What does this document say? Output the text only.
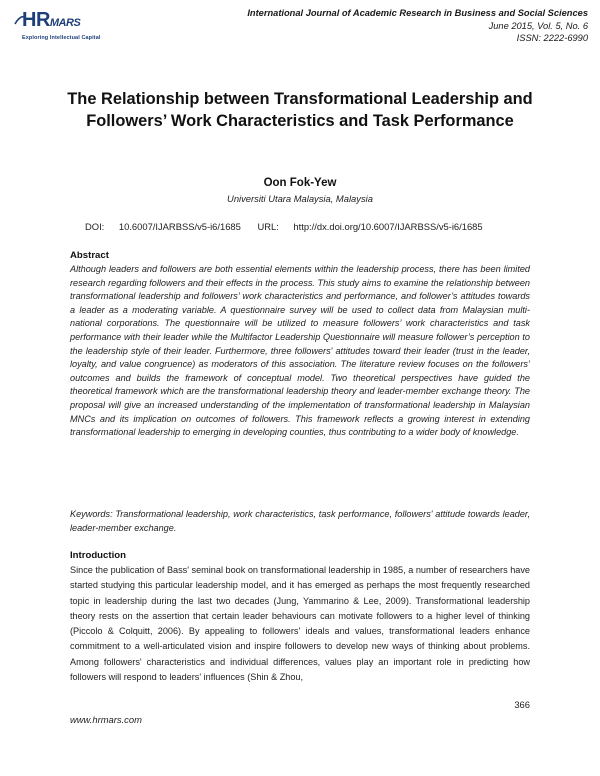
HRMARS
Exploring Intellectual Capital
International Journal of Academic Research in Business and Social Sciences
June 2015, Vol. 5, No. 6
ISSN: 2222-6990
The Relationship between Transformational Leadership and Followers’ Work Characteristics and Task Performance
Oon Fok-Yew
Universiti Utara Malaysia, Malaysia
DOI: 10.6007/IJARBSS/v5-i6/1685 URL: http://dx.doi.org/10.6007/IJARBSS/v5-i6/1685
Abstract

Although leaders and followers are both essential elements within the leadership process, there has been limited research regarding followers and their effects in the process. This study aims to examine the relationship between transformational leadership and followers’ work characteristics and performance, and follower’s attitudes towards a leader as a moderating variable. A questionnaire survey will be used to collect data from Malaysian multi-national corporations. The questionnaire will be utilized to measure followers’ work characteristics and task performance with their leader while the Multifactor Leadership Questionnaire will measure follower’s perception to the leadership style of their leader. Furthermore, three followers' attitudes toward their leader (trust in the leader, loyalty, and value congruence) as moderators of this association. The literature review focuses on the followers’ outcomes and builds the framework of conceptual model. Two theoretical perspectives have guided the theoretical framework which are the transformational leadership theory and leader-member exchange theory. The proposal will give an increased understanding of the implementation of transformational leadership in Malaysian MNCs and its implication on outcomes of followers. This framework reflects a growing interest in extending transformational leadership to emerging in developing counties, thus contributing to a wider body of knowledge.

Keywords: Transformational leadership, work characteristics, task performance, followers' attitude towards leader, leader-member exchange.

Introduction

Since the publication of Bass' seminal book on transformational leadership in 1985, a number of researchers have started studying this particular leadership model, and it has emerged as perhaps the most frequently researched topic in leadership during the last two decades (Jung, Yammarino & Lee, 2009). Transformational leadership theory rests on the assertion that certain leader behaviours can motivate followers to a higher level of thinking (Piccolo & Colquitt, 2006). By appealing to followers' ideals and values, transformational leaders enhance commitment to a well-articulated vision and inspire followers to develop new ways of thinking about problems. Among followers' characteristics and individual differences, values play an important role in predicting how followers will respond to leaders' influences (Shin & Zhou,

366
www.hrmars.com
